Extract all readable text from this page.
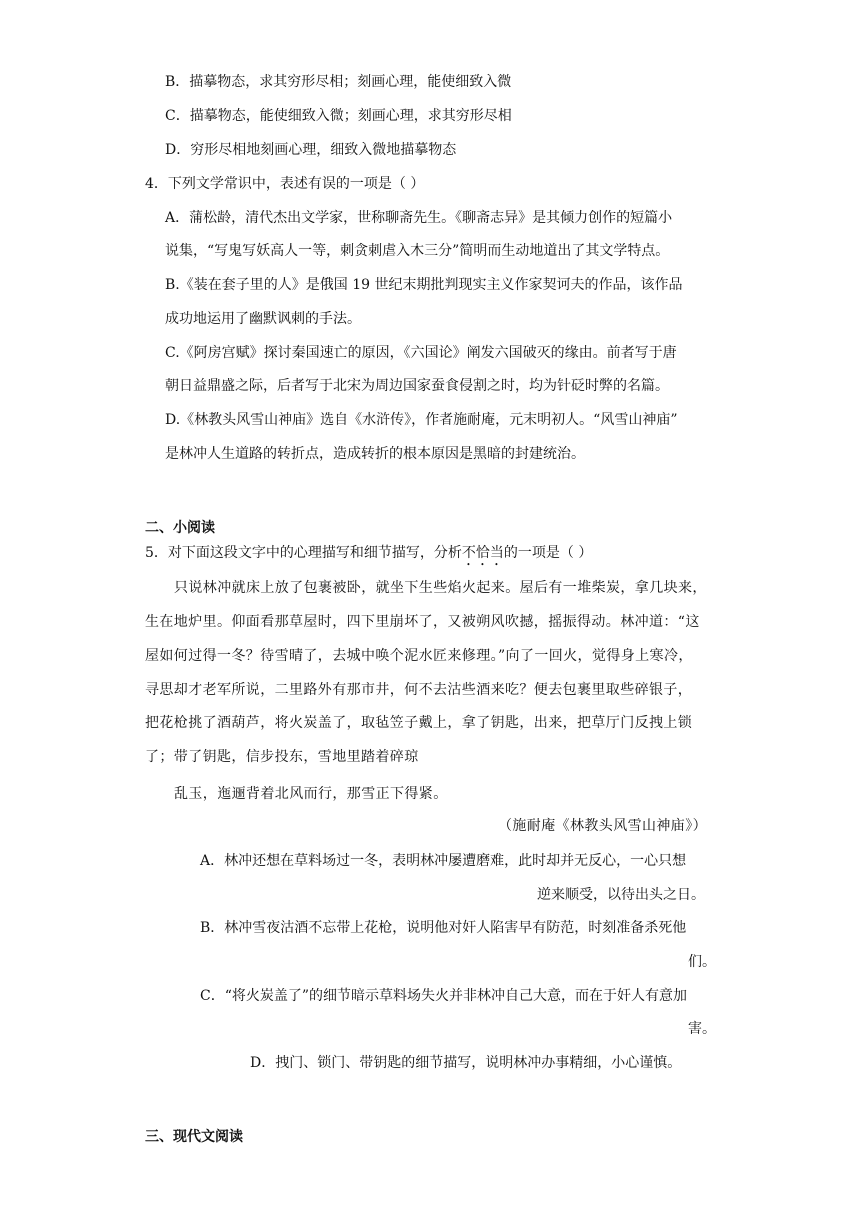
B．描摹物态，求其穷形尽相；刻画心理，能使细致入微
C．描摹物态，能使细致入微；刻画心理，求其穷形尽相
D．穷形尽相地刻画心理，细致入微地描摹物态
4．下列文学常识中，表述有误的一项是（ ）
A．蒲松龄，清代杰出文学家，世称聊斋先生。《聊斋志异》是其倾力创作的短篇小
说集，“写鬼写妖高人一等，刺贪刺虐入木三分”简明而生动地道出了其文学特点。
B.《装在套子里的人》是俄国 19 世纪末期批判现实主义作家契诃夫的作品，该作品
成功地运用了幽默讽刺的手法。
C.《阿房宫赋》探讨秦国速亡的原因，《六国论》阐发六国破灭的缘由。前者写于唐
朝日益鼎盛之际，后者写于北宋为周边国家蚕食侵割之时，均为针砭时弊的名篇。
D.《林教头风雪山神庙》选自《水浒传》，作者施耐庵，元末明初人。“风雪山神庙”
是林冲人生道路的转折点，造成转折的根本原因是黑暗的封建统治。
二、小阅读
5．对下面这段文字中的心理描写和细节描写，分析不恰当的一项是（ ）
只说林冲就床上放了包裹被卧，就坐下生些焰火起来。屋后有一堆柴炭，拿几块来，
生在地炉里。仰面看那草屋时，四下里崩坏了，又被朔风吹撼，摇振得动。林冲道：“这
屋如何过得一冬？待雪晴了，去城中唤个泥水匠来修理。”向了一回火，觉得身上寒冷，
寻思却才老军所说，二里路外有那市井，何不去沽些酒来吃？便去包裹里取些碎银子，
把花枪挑了酒葫芦，将火炭盖了，取毡笠子戴上，拿了钥匙，出来，把草厅门反拽上锁
了；带了钥匙，信步投东，雪地里踏着碎琼
乱玉，迤逦背着北风而行，那雪正下得紧。
（施耐庵《林教头风雪山神庙》）
A．林冲还想在草料场过一冬，表明林冲屡遭磨难，此时却并无反心，一心只想
逆来顺受，以待出头之日。
B．林冲雪夜沽酒不忘带上花枪，说明他对奸人陷害早有防范，时刻准备杀死他
们。
C．“将火炭盖了”的细节暗示草料场失火并非林冲自己大意，而在于奸人有意加
害。
D．拽门、锁门、带钥匙的细节描写，说明林冲办事精细，小心谨慎。
三、现代文阅读
